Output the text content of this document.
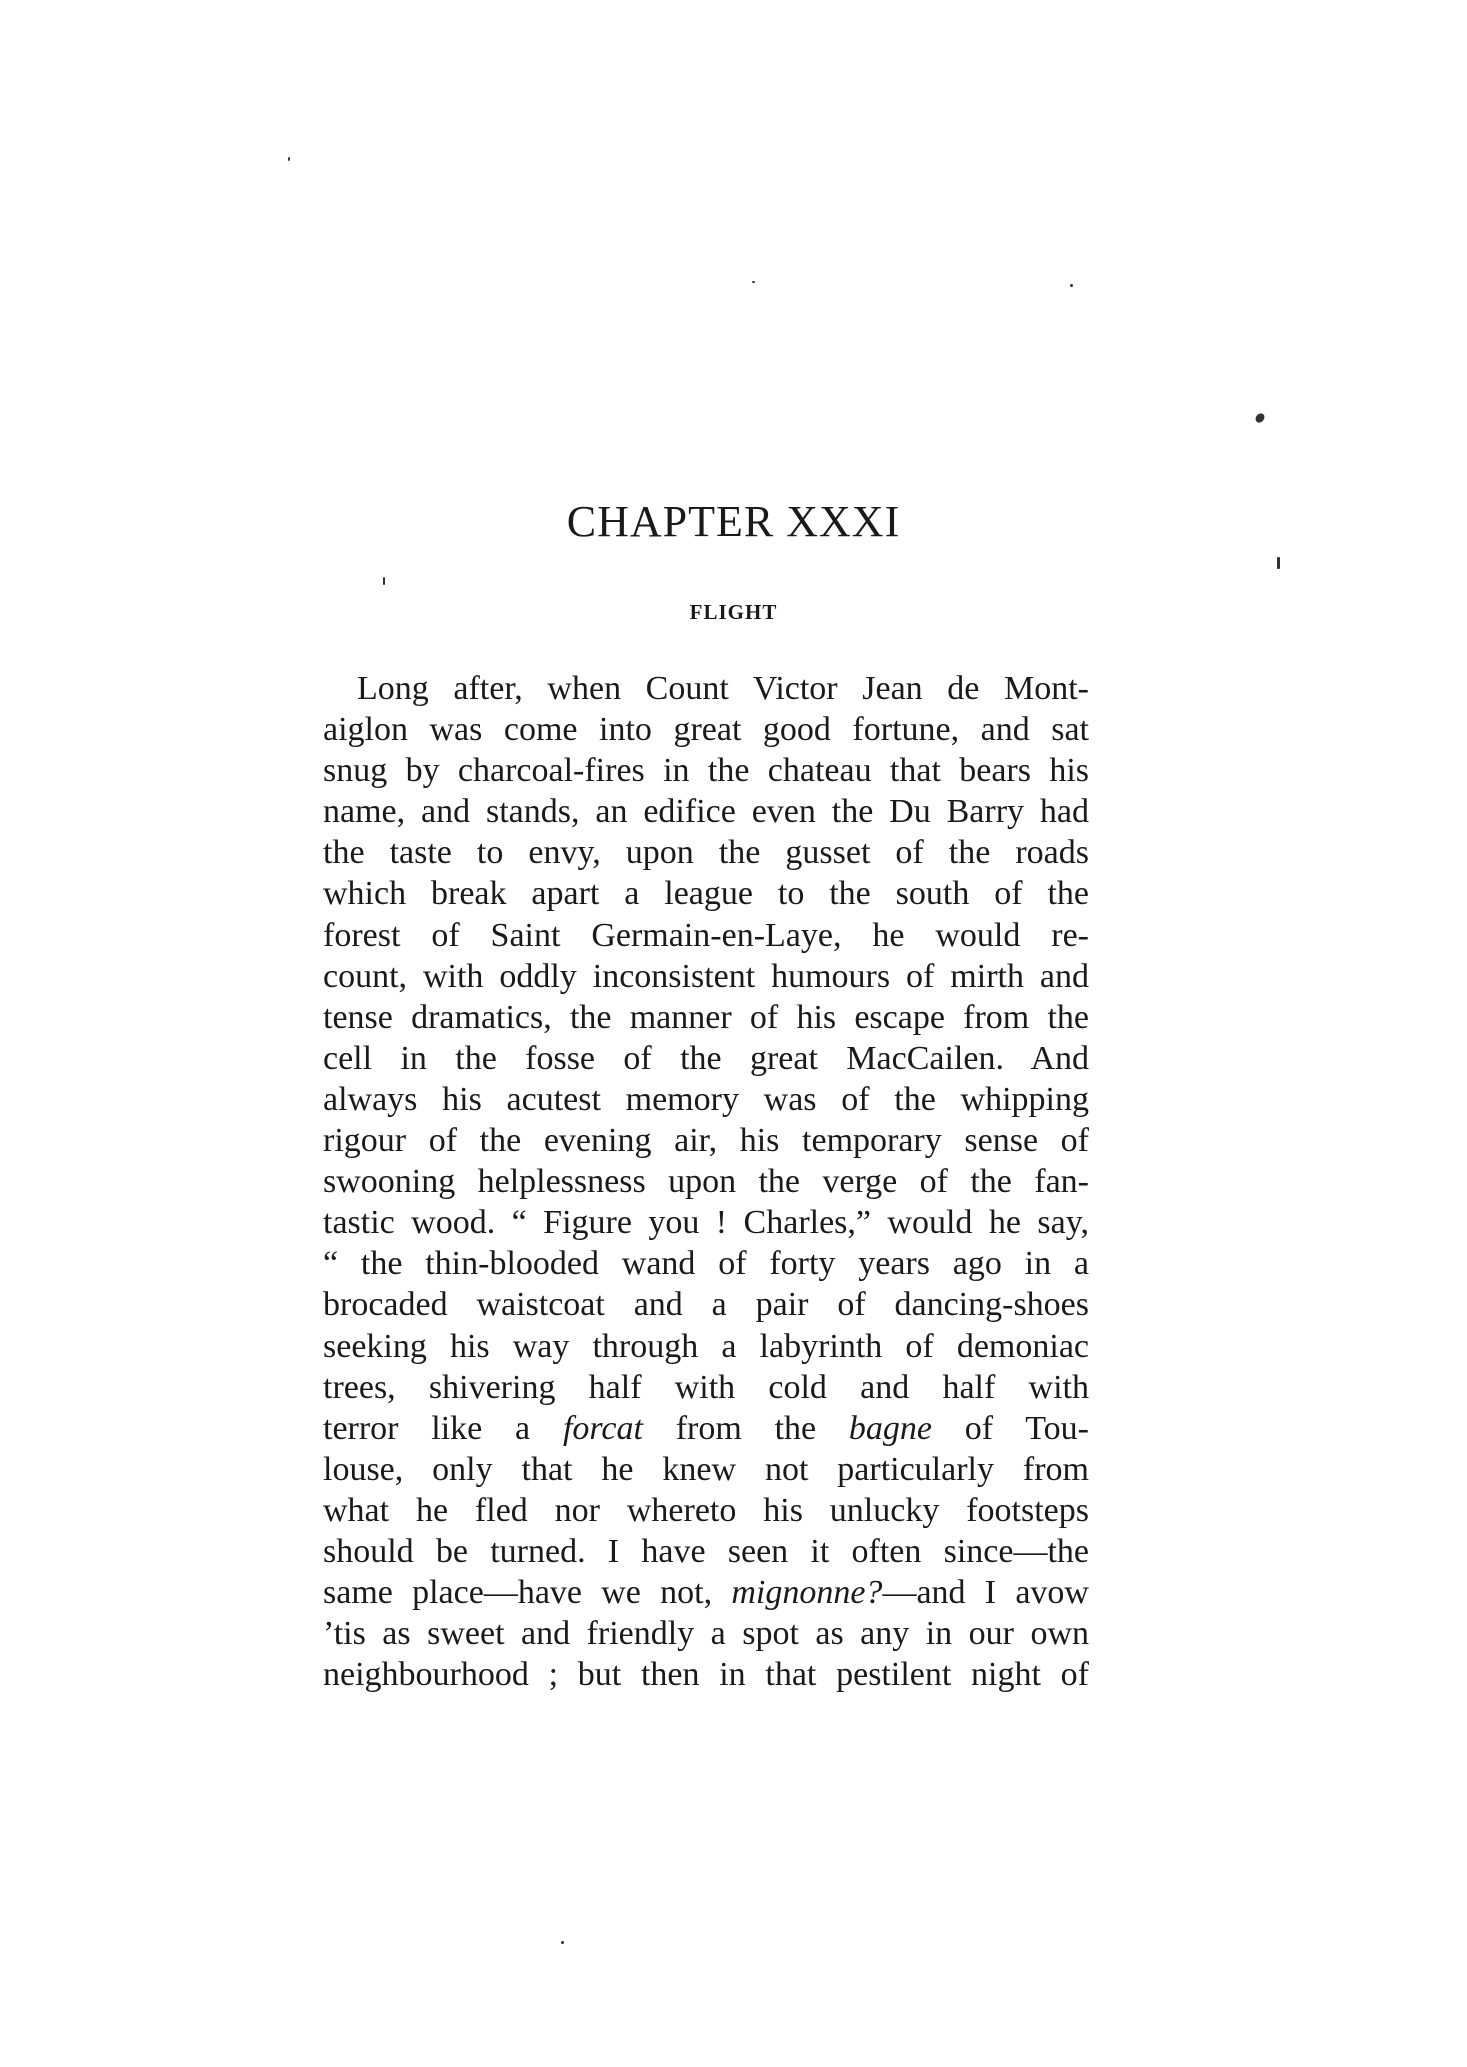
CHAPTER XXXI
FLIGHT
Long after, when Count Victor Jean de Mont-
aiglon was come into great good fortune, and sat
snug by charcoal-fires in the chateau that bears his
name, and stands, an edifice even the Du Barry had
the taste to envy, upon the gusset of the roads
which break apart a league to the south of the
forest of Saint Germain-en-Laye, he would re-
count, with oddly inconsistent humours of mirth and
tense dramatics, the manner of his escape from the
cell in the fosse of the great MacCailen. And
always his acutest memory was of the whipping
rigour of the evening air, his temporary sense of
swooning helplessness upon the verge of the fan-
tastic wood. “ Figure you ! Charles,” would he say,
“ the thin-blooded wand of forty years ago in a
brocaded waistcoat and a pair of dancing-shoes
seeking his way through a labyrinth of demoniac
trees, shivering half with cold and half with
terror like a forcat from the bagne of Tou-
louse, only that he knew not particularly from
what he fled nor whereto his unlucky footsteps
should be turned. I have seen it often since—the
same place—have we not, mignonne?—and I avow
’tis as sweet and friendly a spot as any in our own
neighbourhood ; but then in that pestilent night of
